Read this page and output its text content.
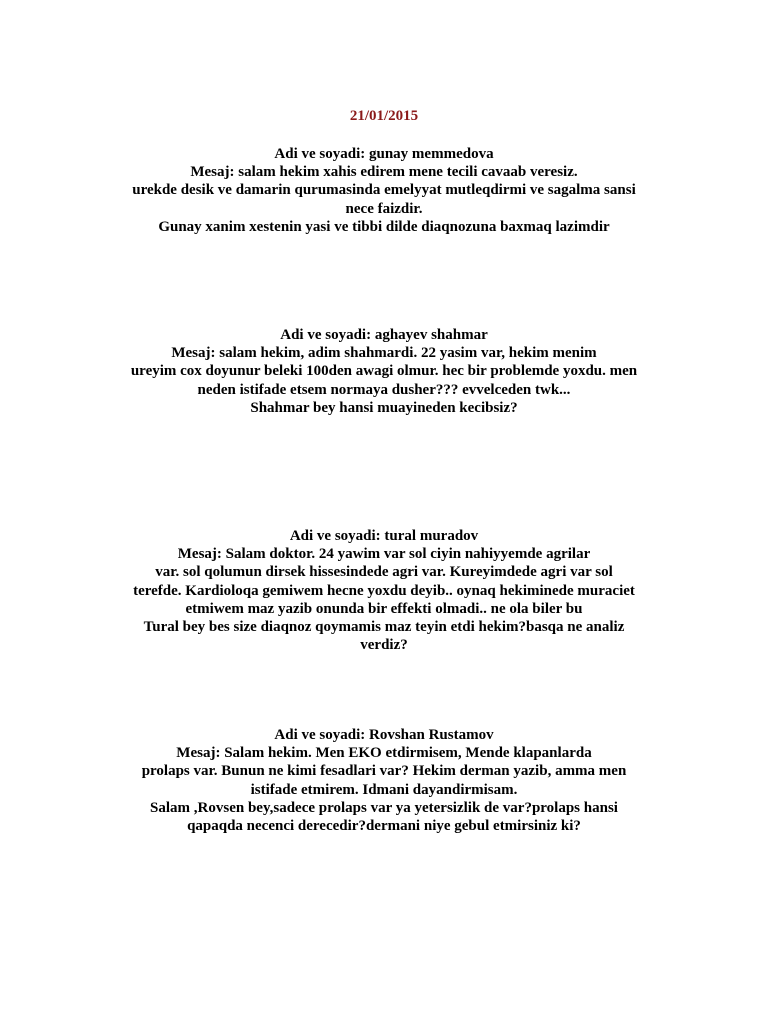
21/01/2015
Adi ve soyadi: gunay memmedova
Mesaj: salam hekim xahis edirem mene tecili cavaab veresiz.
urekde desik ve damarin qurumasinda emelyyat mutleqdirmi ve sagalma sansi
nece faizdir.
Gunay xanim xestenin yasi ve tibbi dilde diaqnozuna baxmaq lazimdir
Adi ve soyadi: aghayev shahmar
Mesaj: salam hekim, adim shahmardi. 22 yasim var, hekim menim
ureyim cox doyunur beleki 100den awagi olmur. hec bir problemde yoxdu. men
neden istifade etsem normaya dusher??? evvelceden twk...
Shahmar bey hansi muayineden kecibsiz?
Adi ve soyadi: tural muradov
Mesaj: Salam doktor. 24 yawim var sol ciyin nahiyyemde agrilar
var. sol qolumun dirsek hissesindede agri var. Kureyimdede agri var sol
terefde. Kardioloqa gemiwem hecne yoxdu deyib.. oynaq hekiminede muraciet
etmiwem maz yazib onunda bir effekti olmadi.. ne ola biler bu
Tural bey bes size diaqnoz qoymamis maz teyin etdi hekim?basqa ne analiz
verdiz?
Adi ve soyadi: Rovshan Rustamov
Mesaj: Salam hekim. Men EKO etdirmisem, Mende klapanlarda
prolaps var. Bunun ne kimi fesadlari var? Hekim derman yazib, amma men
istifade etmirem. Idmani dayandirmisam.
Salam ,Rovsen bey,sadece prolaps var ya yetersizlik de var?prolaps hansi
qapaqda necenci derecedir?dermani niye gebul etmirsiniz ki?
